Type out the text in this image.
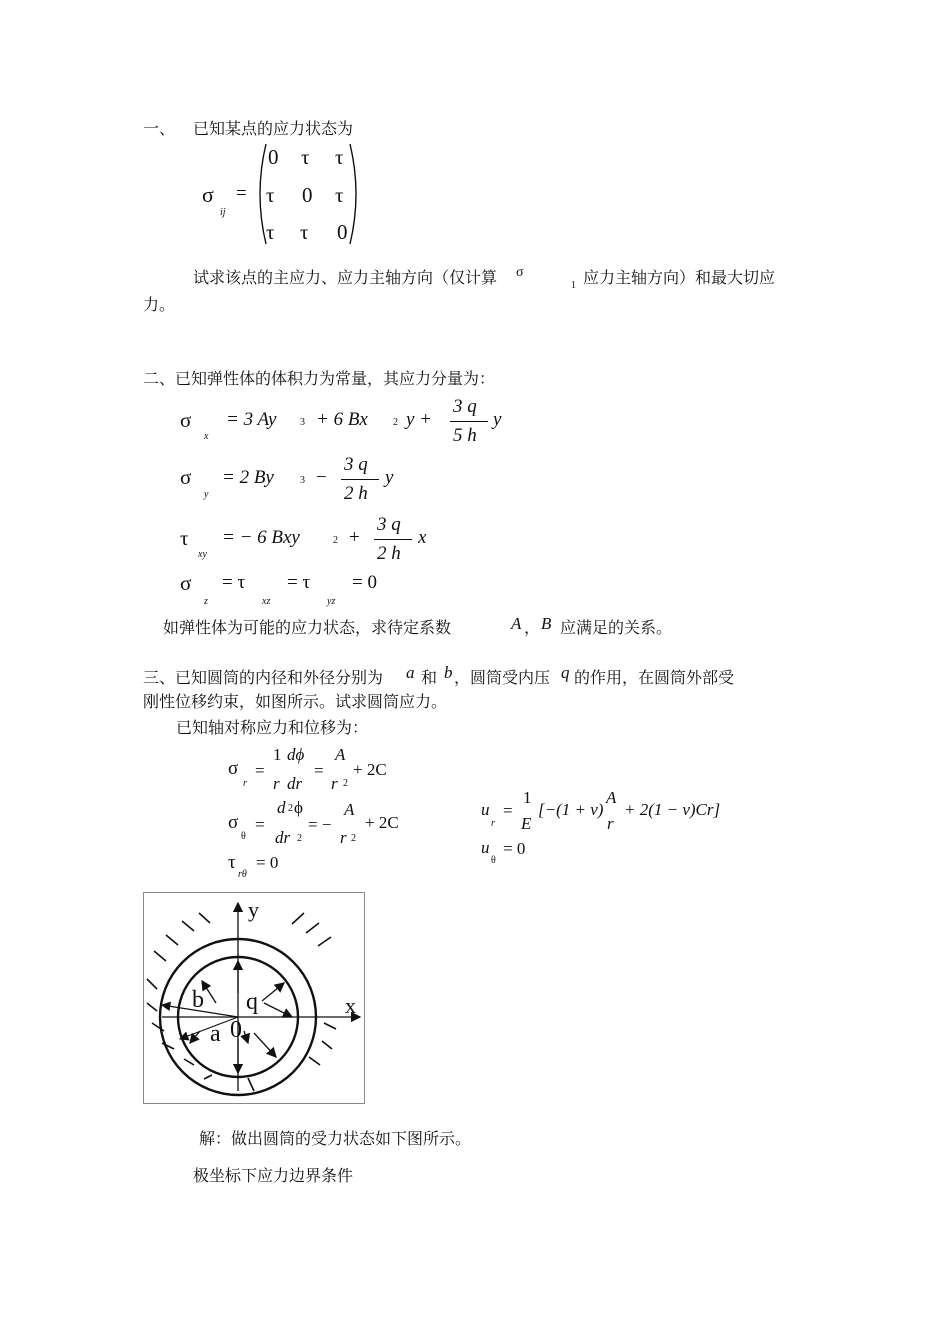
一、 已知某点的应力状态为
σ
ij
=
0 τ τ
τ 0 τ
τ τ 0
试求该点的主应力、应力主轴方向（仅计算 σ
1 应力主轴方向）和最大切应
力。
二、已知弹性体的体积力为常量，其应力分量为：
σ
x
= 3 Ay 3 + 6 Bx	2 y +
3 q
5 h
y
σ
y
= 2 By	3 −
3 q
2 h
y
τ
xy
= − 6 Bxy	2 +
3 q
2 h
x
σ
z
= τ
xz
= τ
yz
= 0
如弹性体为可能的应力状态，求待定系数	A ， B 应满足的关系。
三、已知圆筒的内径和外径分别为 a 和 b ，圆筒受内压 q 的作用，在圆筒外部受
刚性位移约束，如图所示。试求圆筒应力。
已知轴对称应力和位移为：
σ
r
=
1
r
dϕ
dr
=
A
r 2
+ 2C
σ
θ
=
d 2 ϕ
dr 2
= −
A
r 2
+ 2C
τ
rθ
= 0
u
r
=
1
E
[−(1 + v)
A
r
+ 2(1 − v)Cr]
u
θ
= 0
y
x
b q
a 0
解：做出圆筒的受力状态如下图所示。
极坐标下应力边界条件
